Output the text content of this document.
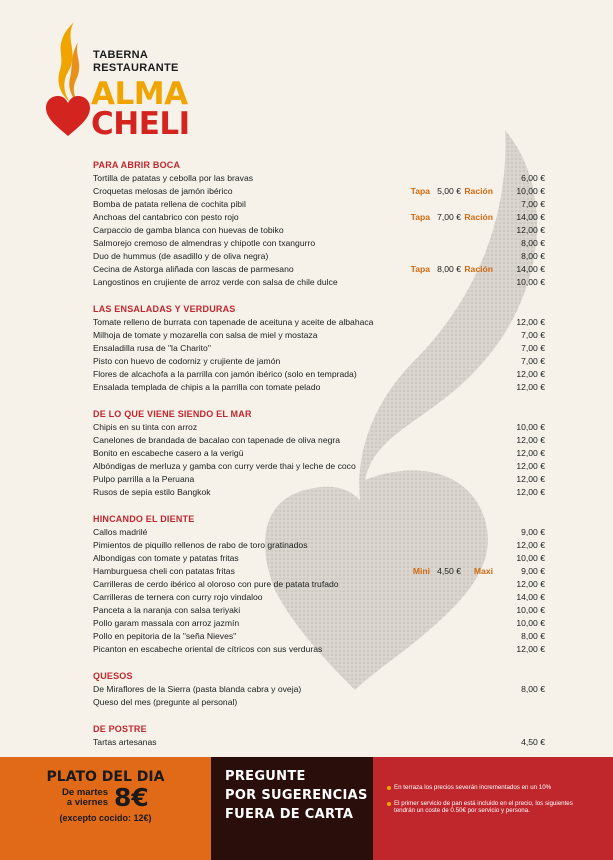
TABERNA
RESTAURANTE
ALMA
CHELI
PARA ABRIR BOCA
Tortilla de patatas y cebolla por las bravas	6,00 €
Croquetas melosas de jamón ibérico	Tapa 5,00 € Ración	10,00 €
Bomba de patata rellena de cochita pibil	7,00 €
Anchoas del cantabrico con pesto rojo	Tapa 7,00 € Ración	14,00 €
Carpaccio de gamba blanca con huevas de tobiko	12,00 €
Salmorejo cremoso de almendras y chipotle con txangurro	8,00 €
Duo de hummus (de asadillo y de oliva negra)	8,00 €
Cecina de Astorga aliñada con lascas de parmesano	Tapa 8,00 € Ración	14,00 €
Langostinos en crujiente de arroz verde con salsa de chile dulce	10,00 €
LAS ENSALADAS Y VERDURAS
Tomate relleno de burrata con tapenade de aceituna y aceite de albahaca	12,00 €
Milhoja de tomate y mozarella con salsa de miel y mostaza	7,00 €
Ensaladilla rusa de "la Charito"	7,00 €
Pisto con huevo de codorniz y crujiente de jamón	7,00 €
Flores de alcachofa a la parrilla con jamón ibérico (solo en temprada)	12,00 €
Ensalada templada de chipis a la parrilla con tomate pelado	12,00 €
DE LO QUE VIENE SIENDO EL MAR
Chipis en su tinta con arroz	10,00 €
Canelones de brandada de bacalao con tapenade de oliva negra	12,00 €
Bonito en escabeche casero a la verigü	12,00 €
Albóndigas de merluza y gamba con curry verde thai y leche de coco	12,00 €
Pulpo parrilla a la Peruana	12,00 €
Rusos de sepia estilo Bangkok	12,00 €
HINCANDO EL DIENTE
Callos madrilé	9,00 €
Pimientos de piquillo rellenos de rabo de toro gratinados	12,00 €
Albondigas con tomate y patatas fritas	10,00 €
Hamburguesa cheli con patatas fritas	Mini 4,50 € Maxi	9,00 €
Carrilleras de cerdo ibérico al oloroso con pure de patata trufado	12,00 €
Carrilleras de ternera con curry rojo vindaloo	14,00 €
Panceta a la naranja con salsa teriyaki	10,00 €
Pollo garam massala con arroz jazmín	10,00 €
Pollo en pepitoria de la "seña Nieves"	8,00 €
Picanton en escabeche oriental de cítricos con sus verduras	12,00 €
QUESOS
De Miraflores de la Sierra (pasta blanda cabra y oveja)	8,00 €
Queso del mes (pregunte al personal)
DE POSTRE
Tartas artesanas	4,50 €
PLATO DEL DIA
De martes
a viernes 8€
(excepto cocido: 12€)
PREGUNTE
POR SUGERENCIAS
FUERA DE CARTA
En terraza los precios severán incrementados en un 10%
El primer servicio de pan está incluido en el precio, los siguientes tendrán un coste de 0.50€ por servicio y persona.
